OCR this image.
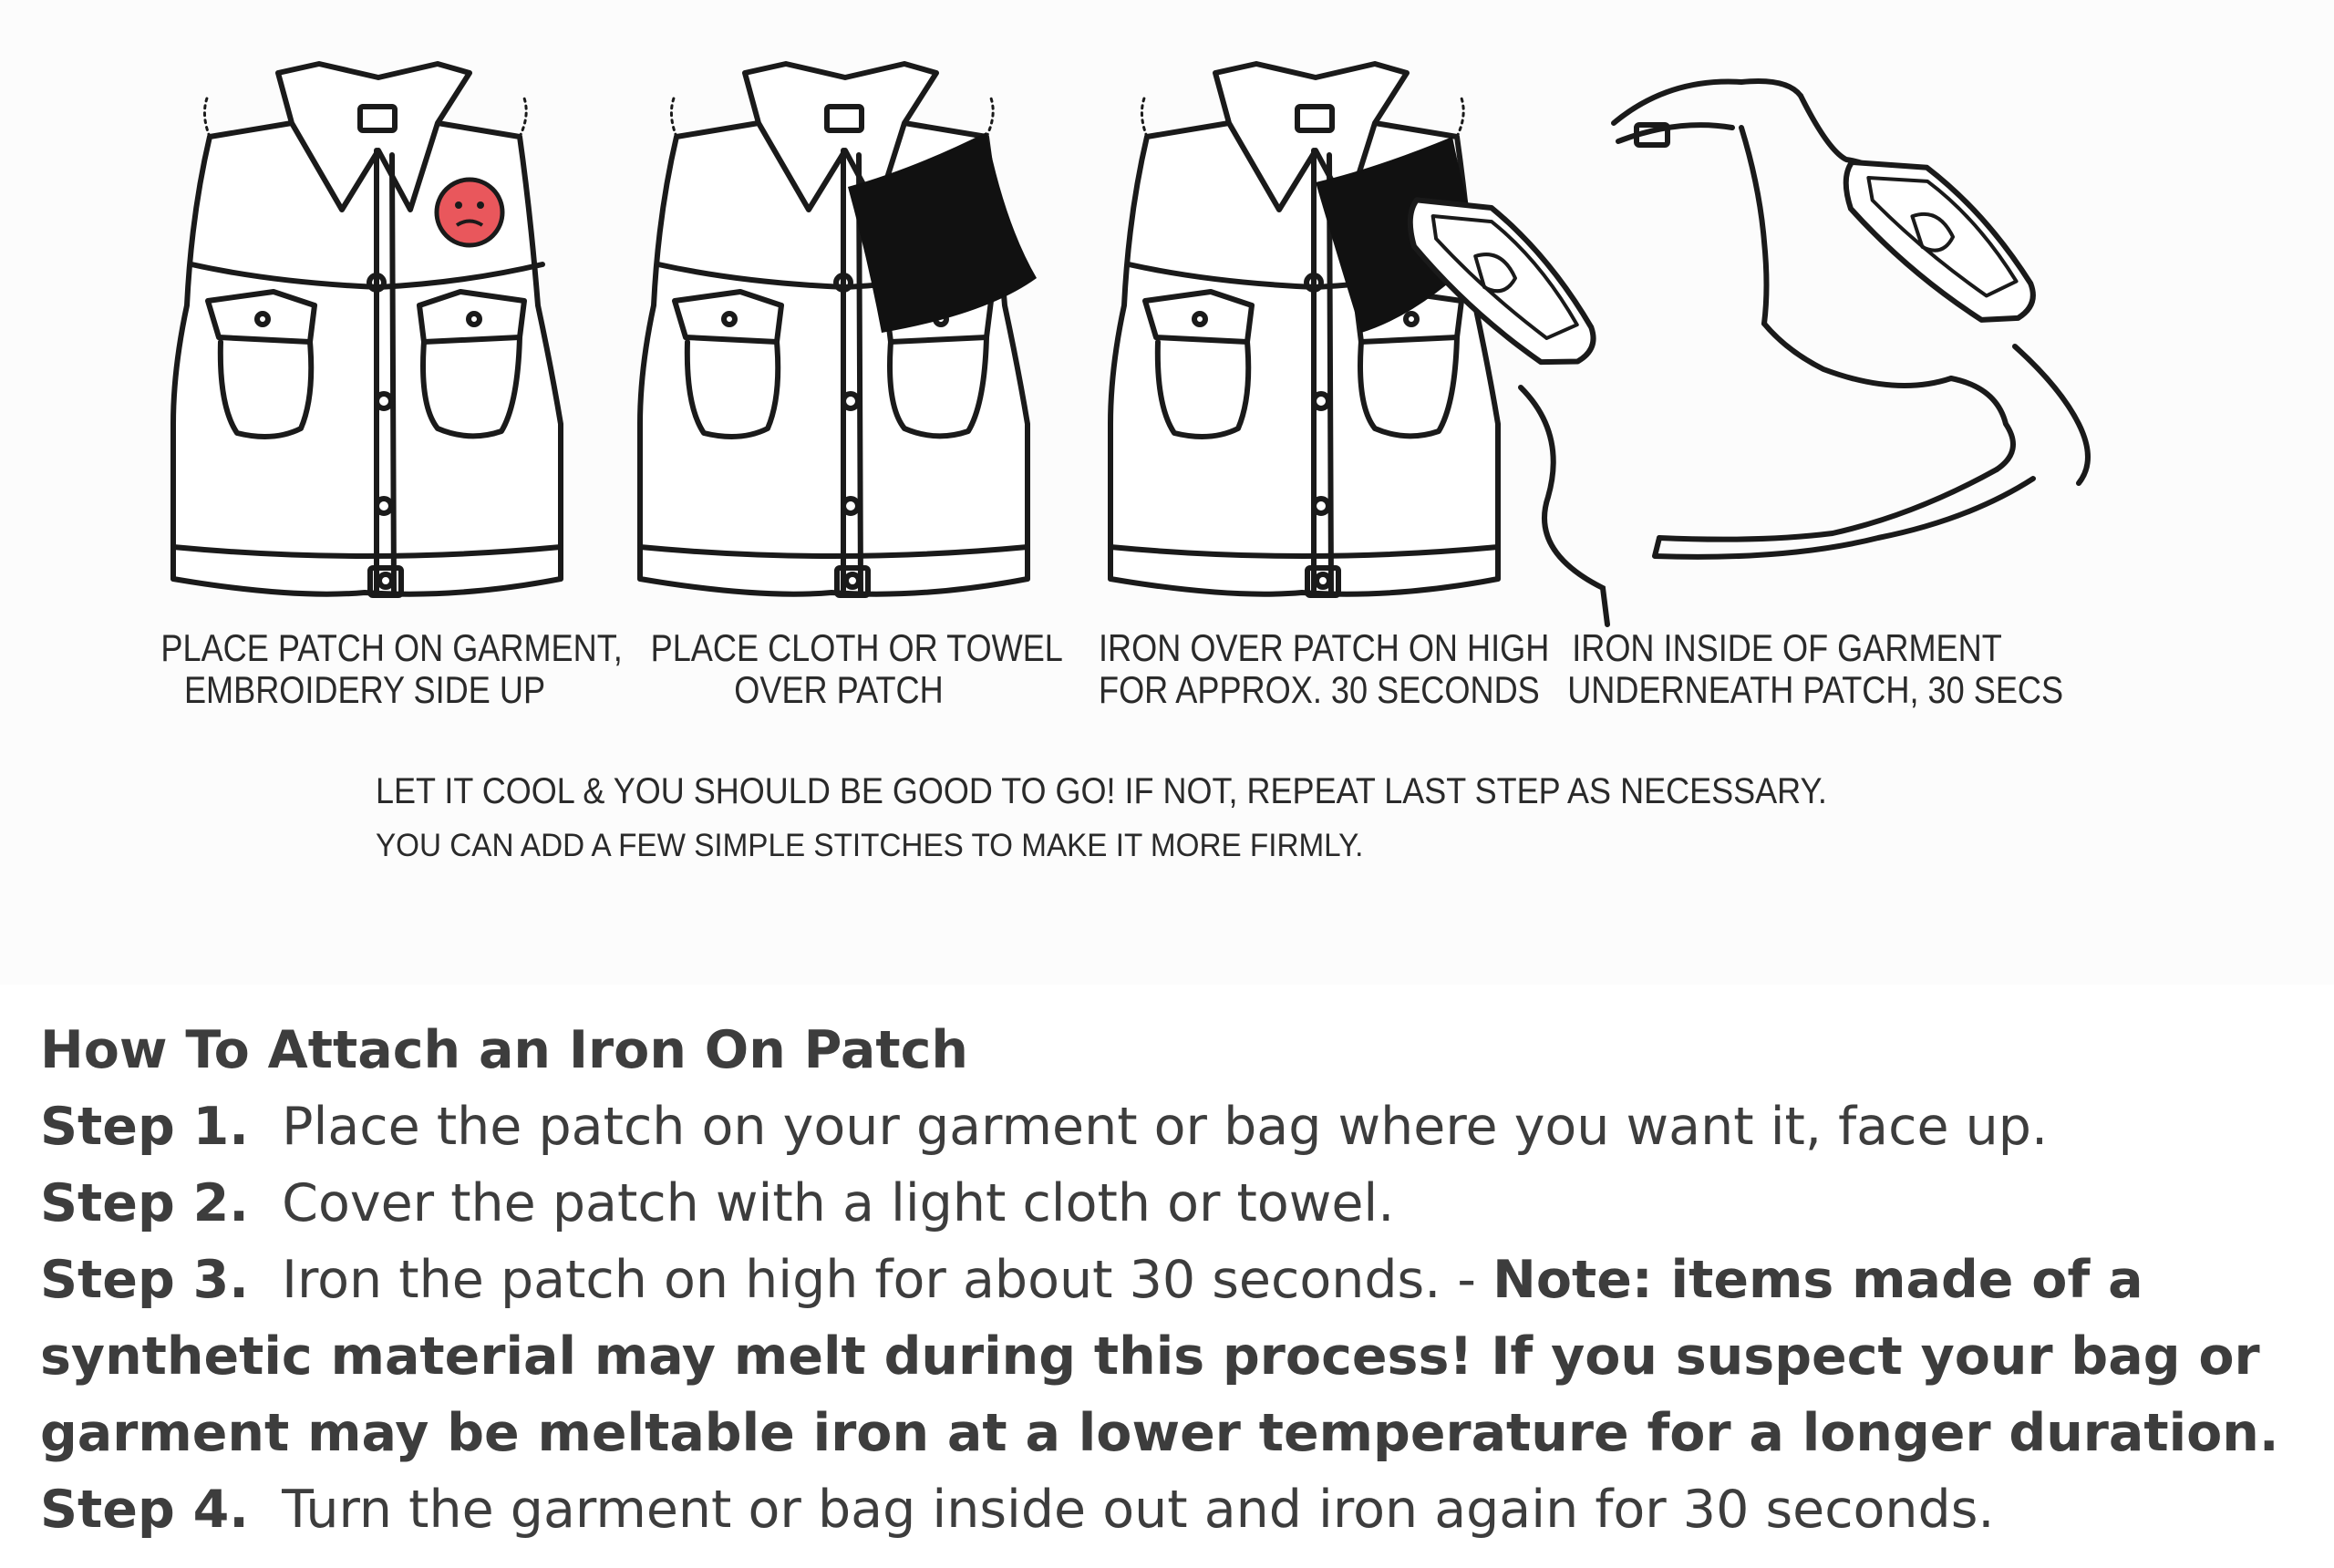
PLACE PATCH ON GARMENT,
EMBROIDERY SIDE UP
PLACE CLOTH OR TOWEL
OVER PATCH
IRON OVER PATCH ON HIGH
FOR APPROX. 30 SECONDS
IRON INSIDE OF GARMENT
UNDERNEATH PATCH, 30 SECS
LET IT COOL & YOU SHOULD BE GOOD TO GO! IF NOT, REPEAT LAST STEP AS NECESSARY.
YOU CAN ADD A FEW SIMPLE STITCHES TO MAKE IT MORE FIRMLY.
How To Attach an Iron On Patch
Step 1. Place the patch on your garment or bag where you want it, face up.
Step 2. Cover the patch with a light cloth or towel.
Step 3. Iron the patch on high for about 30 seconds. - Note: items made of a synthetic material may melt during this process! If you suspect your bag or garment may be meltable iron at a lower temperature for a longer duration.
Step 4. Turn the garment or bag inside out and iron again for 30 seconds.
